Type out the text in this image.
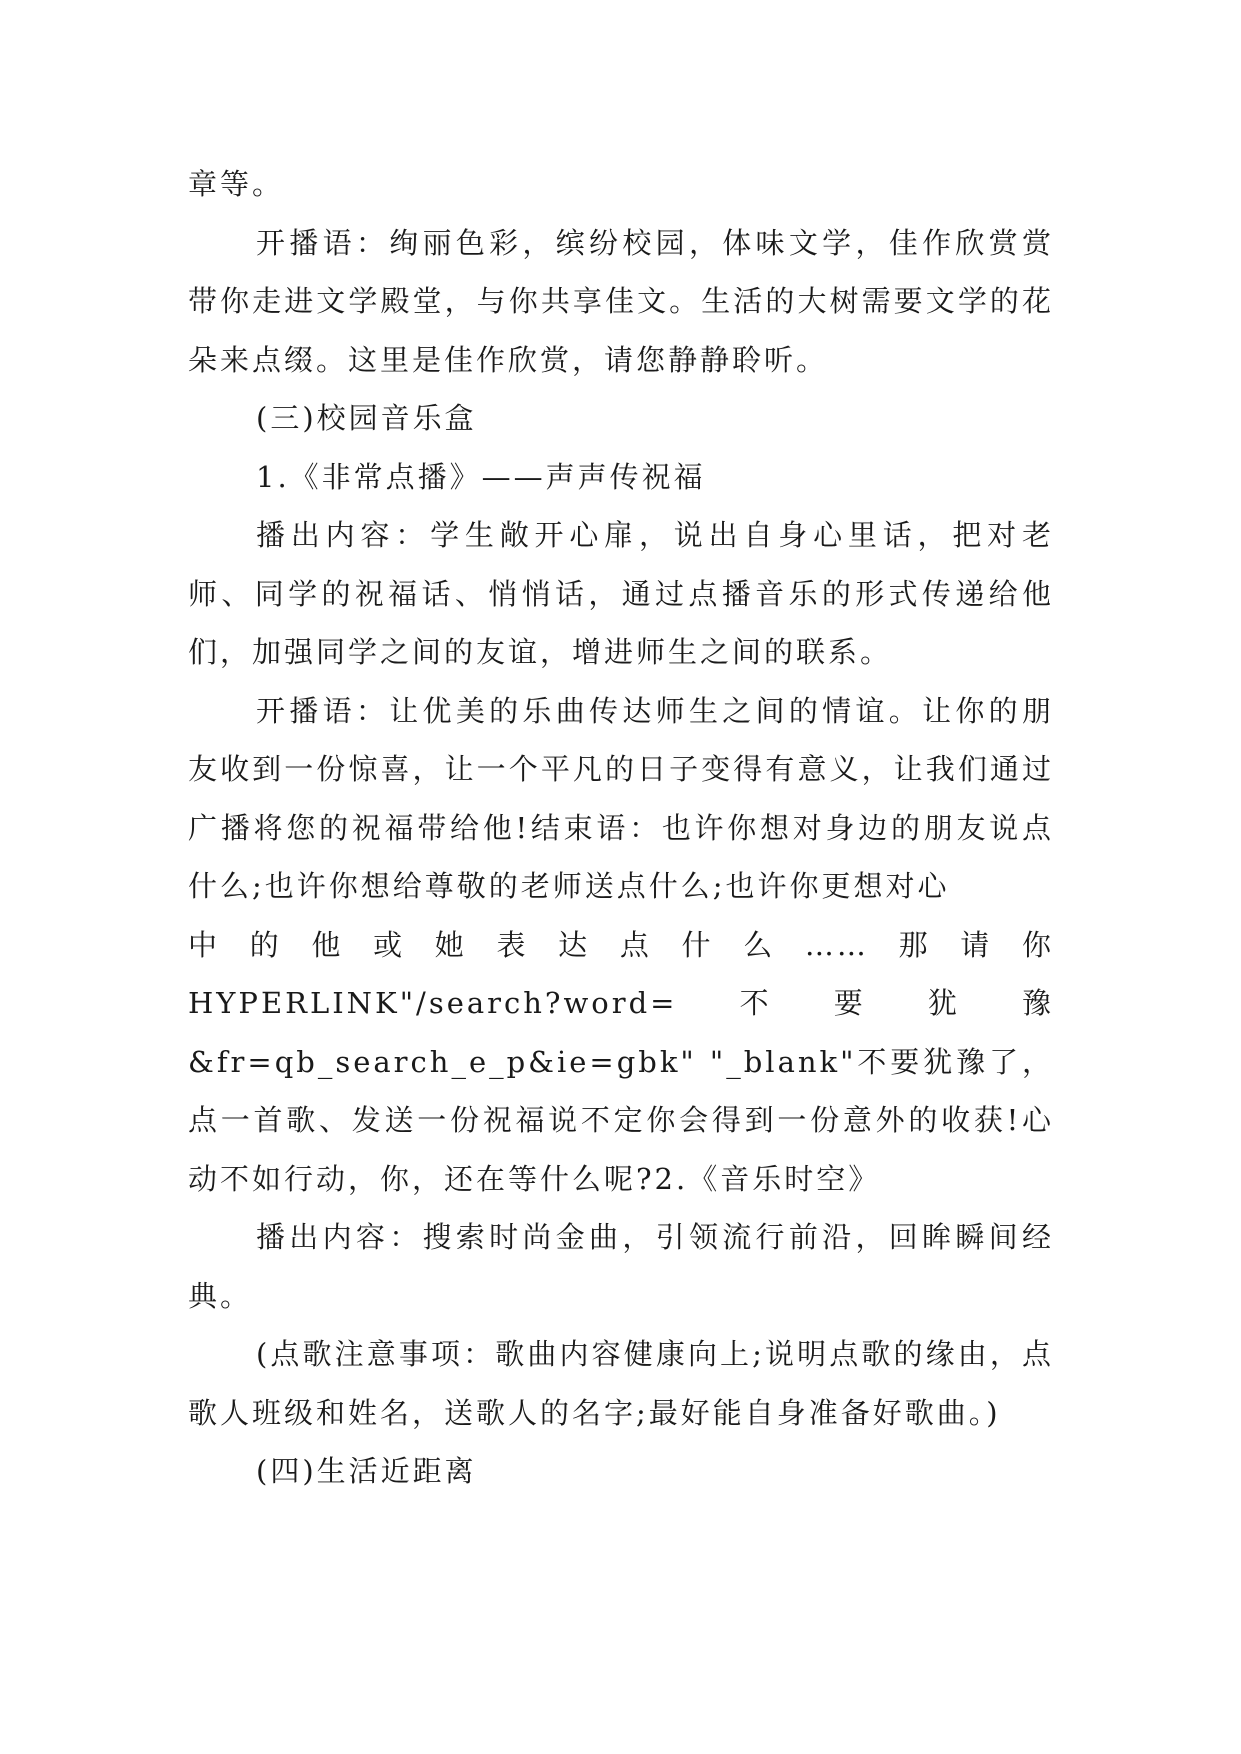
章等。

开播语：绚丽色彩，缤纷校园，体味文学，佳作欣赏赏带你走进文学殿堂，与你共享佳文。生活的大树需要文学的花朵来点缀。这里是佳作欣赏，请您静静聆听。

(三)校园音乐盒

1.《非常点播》——声声传祝福

播出内容：学生敞开心扉，说出自身心里话，把对老师、同学的祝福话、悄悄话，通过点播音乐的形式传递给他们，加强同学之间的友谊，增进师生之间的联系。

开播语：让优美的乐曲传达师生之间的情谊。让你的朋友收到一份惊喜，让一个平凡的日子变得有意义，让我们通过广播将您的祝福带给他!结束语：也许你想对身边的朋友说点什么;也许你想给尊敬的老师送点什么;也许你更想对心

中的他或她表达点什么……那请你

HYPERLINK"/search?word=不要犹豫

&fr=qb_search_e_p&ie=gbk" "_blank"不要犹豫了，点一首歌、发送一份祝福说不定你会得到一份意外的收获!心动不如行动，你，还在等什么呢?2.《音乐时空》

播出内容：搜索时尚金曲，引领流行前沿，回眸瞬间经典。

(点歌注意事项：歌曲内容健康向上;说明点歌的缘由，点歌人班级和姓名，送歌人的名字;最好能自身准备好歌曲。)

(四)生活近距离
